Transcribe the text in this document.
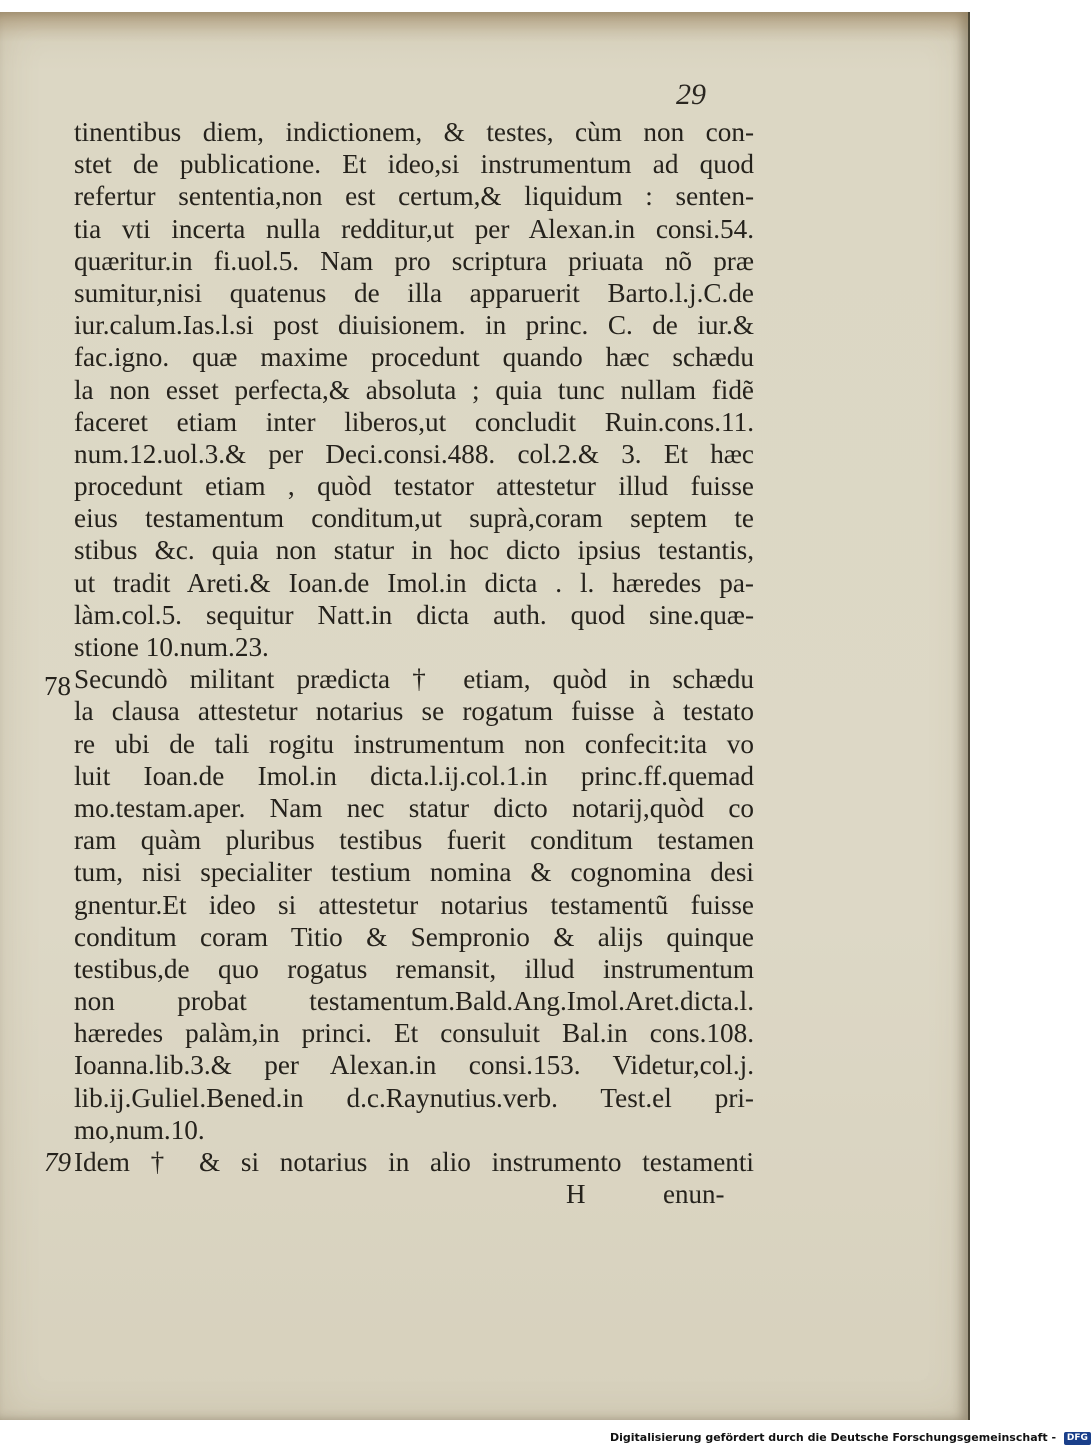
29
78
79
tinentibus diem, indictionem, & testes, cùm non con-
stet de publicatione. Et ideo,si instrumentum ad quod
refertur sententia,non est certum,& liquidum : senten-
tia vti incerta nulla redditur,ut per Alexan.in consi.54.
quæritur.in fi.uol.5. Nam pro scriptura priuata nõ præ
sumitur,nisi quatenus de illa apparuerit Barto.l.j.C.de
iur.calum.Ias.l.si post diuisionem. in princ. C. de iur.&
fac.igno. quæ maxime procedunt quando hæc schædu
la non esset perfecta,& absoluta ; quia tunc nullam fidẽ
faceret etiam inter liberos,ut concludit Ruin.cons.11.
num.12.uol.3.& per Deci.consi.488. col.2.& 3. Et hæc
procedunt etiam , quòd testator attestetur illud fuisse
eius testamentum conditum,ut suprà,coram septem te
stibus &c. quia non statur in hoc dicto ipsius testantis,
ut tradit Areti.& Ioan.de Imol.in dicta . l. hæredes pa-
làm.col.5. sequitur Natt.in dicta auth. quod sine.quæ-
stione 10.num.23.
Secundò militant prædicta † etiam, quòd in schædu
la clausa attestetur notarius se rogatum fuisse à testato
re ubi de tali rogitu instrumentum non confecit:ita vo
luit Ioan.de Imol.in dicta.l.ij.col.1.in princ.ff.quemad
mo.testam.aper. Nam nec statur dicto notarij,quòd co
ram quàm pluribus testibus fuerit conditum testamen
tum, nisi specialiter testium nomina & cognomina desi
gnentur.Et ideo si attestetur notarius testamentũ fuisse
conditum coram Titio & Sempronio & alijs quinque
testibus,de quo rogatus remansit, illud instrumentum
non probat testamentum.Bald.Ang.Imol.Aret.dicta.l.
hæredes palàm,in princi. Et consuluit Bal.in cons.108.
Ioanna.lib.3.& per Alexan.in consi.153. Videtur,col.j.
lib.ij.Guliel.Bened.in d.c.Raynutius.verb. Test.el pri-
mo,num.10.
Idem † & si notarius in alio instrumento testamenti
H	enun-
Digitalisierung gefördert durch die Deutsche Forschungsgemeinschaft - DFG
